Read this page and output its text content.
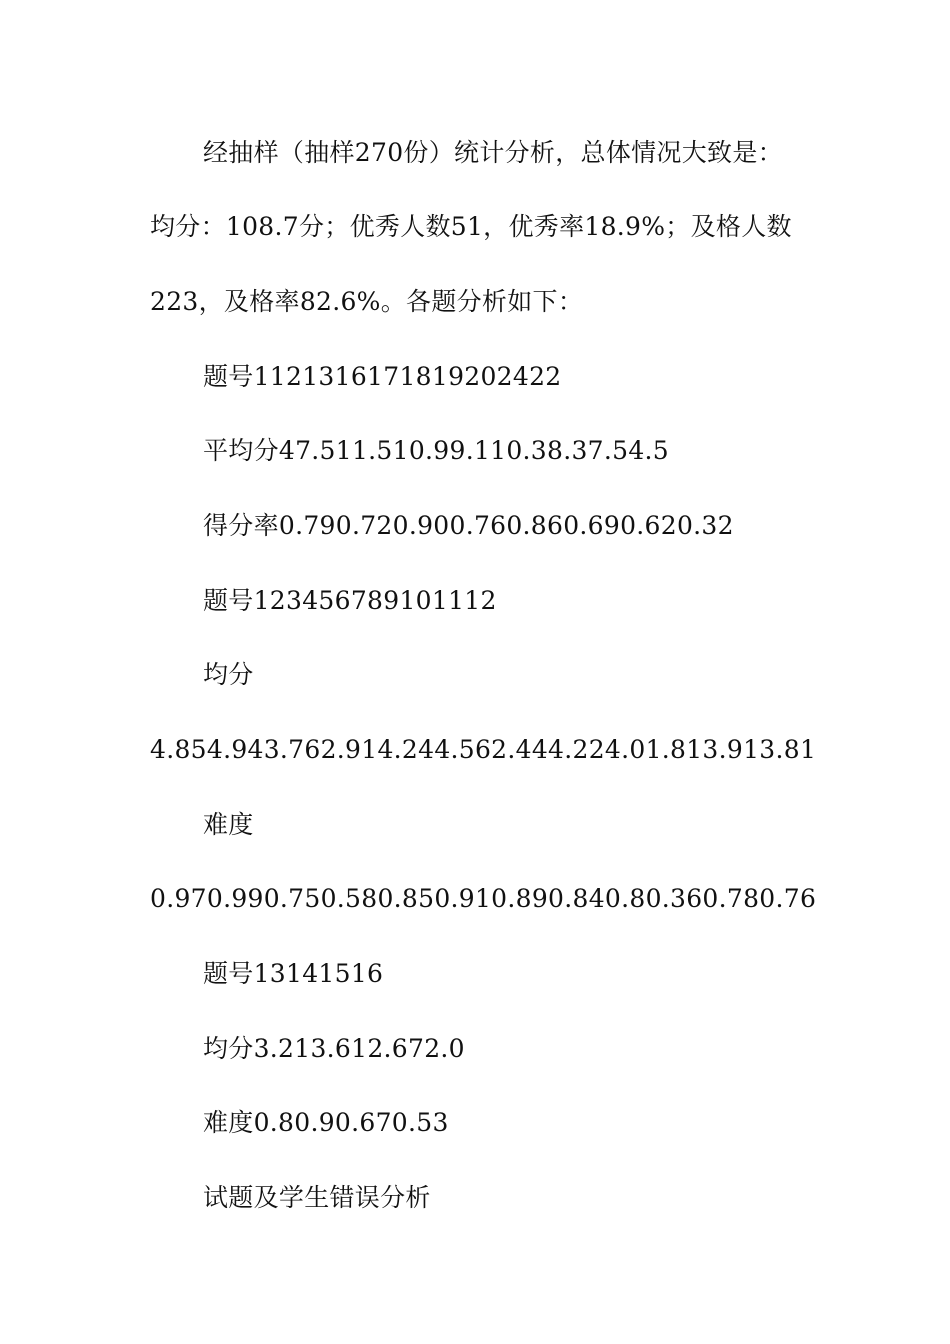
经抽样（抽样270份）统计分析，总体情况大致是：
均分：108.7分；优秀人数51，优秀率18.9%；及格人数
223，及格率82.6%。各题分析如下：
题号1121316171819202422
平均分47.511.510.99.110.38.37.54.5
得分率0.790.720.900.760.860.690.620.32
题号123456789101112
均分
4.854.943.762.914.244.562.444.224.01.813.913.81
难度
0.970.990.750.580.850.910.890.840.80.360.780.76
题号13141516
均分3.213.612.672.0
难度0.80.90.670.53
试题及学生错误分析
